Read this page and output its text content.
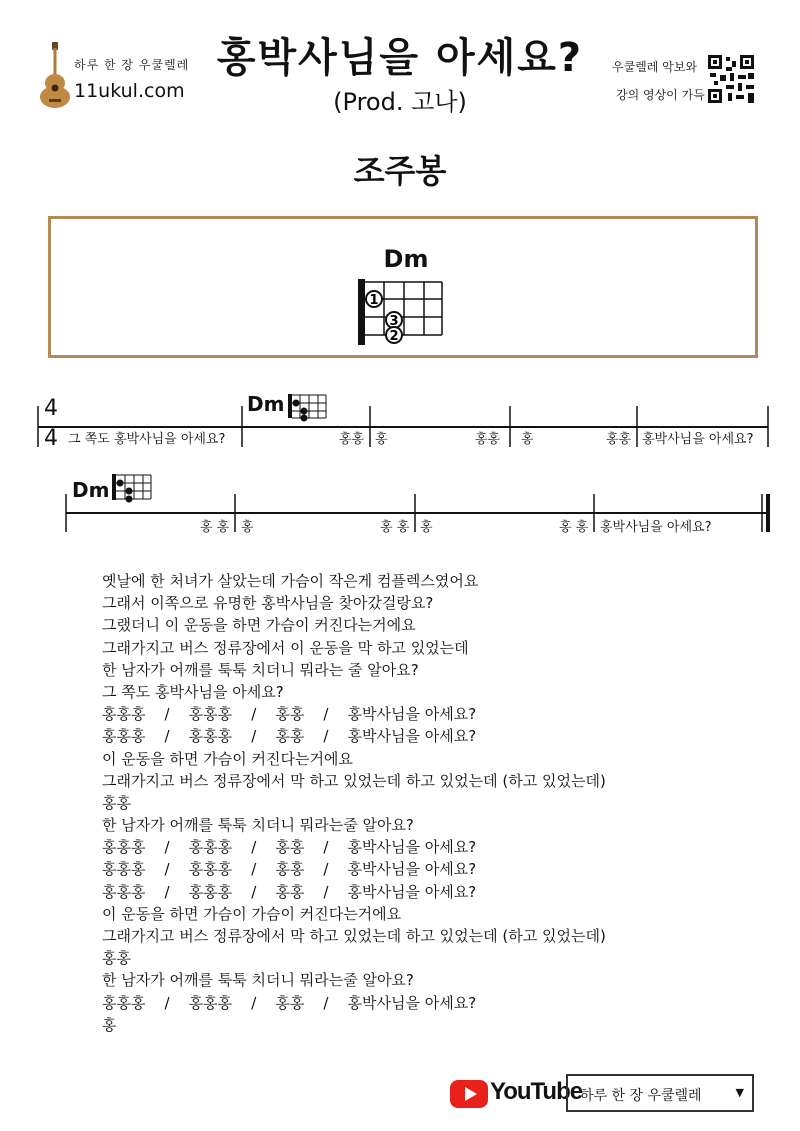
하루 한 장 우쿨렐레
11ukul.com
홍박사님을 아세요?
(Prod. 고나)
우쿨렐레 악보와
강의 영상이 가득
조주봉
Dm
1
3
2
4
4
Dm
그 쪽도 홍박사님을 아세요?	홍홍 홍	홍홍 홍	홍홍 홍박사님을 아세요?
Dm
홍 홍 홍	홍 홍 홍	홍 홍 홍박사님을 아세요?
옛날에 한 처녀가 살았는데 가슴이 작은게 컴플렉스였어요
그래서 이쪽으로 유명한 홍박사님을 찾아갔걸랑요?
그랬더니 이 운동을 하면 가슴이 커진다는거에요
그래가지고 버스 정류장에서 이 운동을 막 하고 있었는데
한 남자가 어깨를 툭툭 치더니 뭐라는 줄 알아요?
그 쪽도 홍박사님을 아세요?
홍홍홍    /    홍홍홍    /    홍홍    /    홍박사님을 아세요?
홍홍홍    /    홍홍홍    /    홍홍    /    홍박사님을 아세요?
이 운동을 하면 가슴이 커진다는거에요
그래가지고 버스 정류장에서 막 하고 있었는데 하고 있었는데 (하고 있었는데)
홍홍
한 남자가 어깨를 툭툭 치더니 뭐라는줄 알아요?
홍홍홍    /    홍홍홍    /    홍홍    /    홍박사님을 아세요?
홍홍홍    /    홍홍홍    /    홍홍    /    홍박사님을 아세요?
홍홍홍    /    홍홍홍    /    홍홍    /    홍박사님을 아세요?
이 운동을 하면 가슴이 가슴이 커진다는거에요
그래가지고 버스 정류장에서 막 하고 있었는데 하고 있었는데 (하고 있었는데)
홍홍
한 남자가 어깨를 툭툭 치더니 뭐라는줄 알아요?
홍홍홍    /    홍홍홍    /    홍홍    /    홍박사님을 아세요?
홍
YouTube
하루 한 장 우쿨렐레	▼
